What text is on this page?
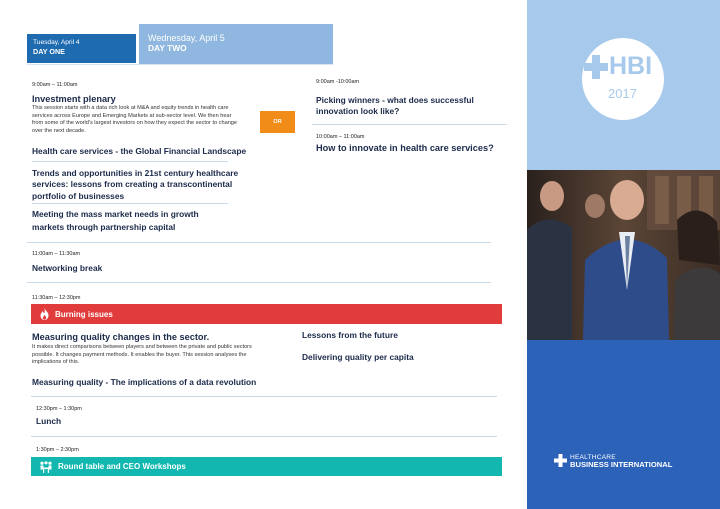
Tuesday, April 4
DAY ONE
Wednesday, April 5
DAY TWO
9:00am – 11:00am
Investment plenary
This session starts with a data rich look at M&A and equity trends in health care services across Europe and Emerging Markets at sub-sector level. We then hear from some of the world's largest investors on how they expect the sector to change over the next decade.
Health care services - the Global Financial Landscape
Trends and opportunities in 21st century healthcare services: lessons from creating a transcontinental portfolio of businesses
Meeting the mass market needs in growth
markets through partnership capital
OR
9:00am -10:00am
Picking winners - what does successful innovation look like?
10:00am – 11:00am
How to innovate in health care services?
11:00am – 11:30am
Networking break
11:30am – 12:30pm
Burning issues
Measuring quality changes in the sector.
It makes direct comparisons between players and between the private and public sectors possible. It changes payment methods. It enables the buyer. This session analyses the implications of this.
Measuring quality - The implications of a data revolution
Lessons from the future
Delivering quality per capita
12:30pm – 1:30pm
Lunch
1:30pm – 2:30pm
Round table and CEO Workshops
HBI
2017
HEALTHCARE
BUSINESS INTERNATIONAL
